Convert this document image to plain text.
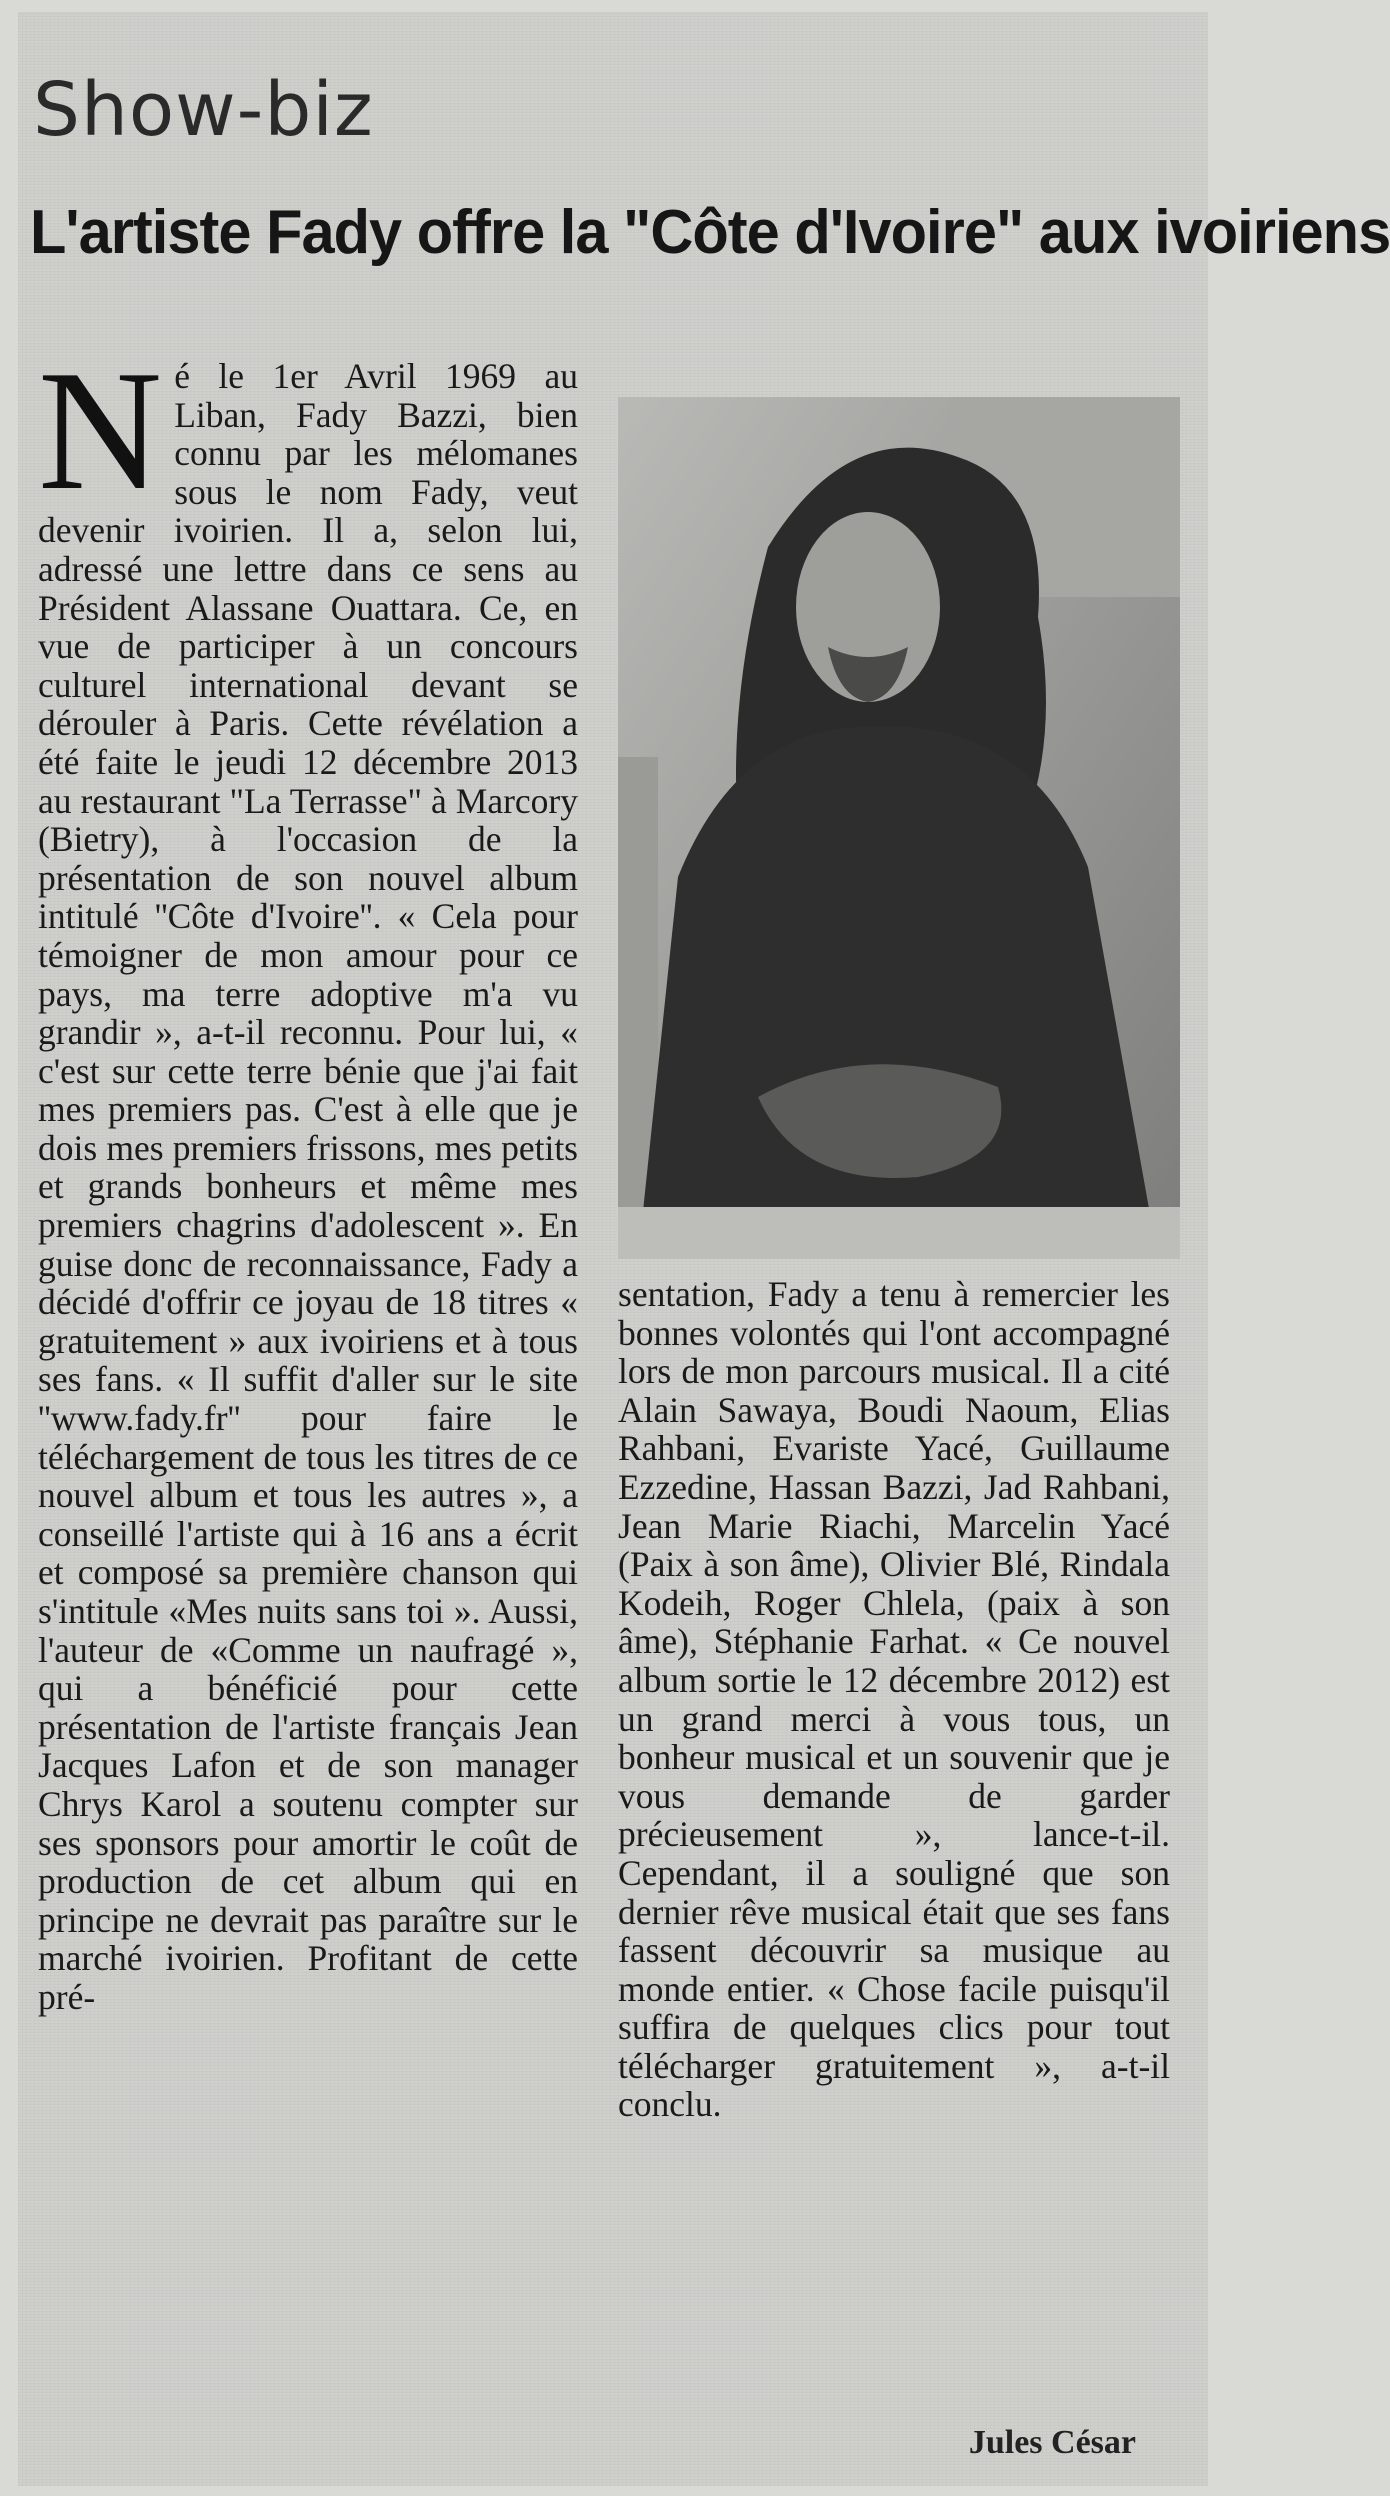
Show-biz
L'artiste Fady offre la "Côte d'Ivoire" aux ivoiriens
N é le 1er Avril 1969 au Liban, Fady Bazzi, bien connu par les mélomanes sous le nom Fady, veut devenir ivoirien. Il a, selon lui, adressé une lettre dans ce sens au Président Alassane Ouattara. Ce, en vue de participer à un concours culturel international devant se dérouler à Paris. Cette révélation a été faite le jeudi 12 décembre 2013 au restaurant "La Terrasse" à Marcory (Bietry), à l'occasion de la présentation de son nouvel album intitulé ''Côte d'Ivoire''. « Cela pour témoigner de mon amour pour ce pays, ma terre adoptive m'a vu grandir », a-t-il reconnu. Pour lui, « c'est sur cette terre bénie que j'ai fait mes premiers pas. C'est à elle que je dois mes premiers frissons, mes petits et grands bonheurs et même mes premiers chagrins d'adolescent ». En guise donc de reconnaissance, Fady a décidé d'offrir ce joyau de 18 titres « gratuitement » aux ivoiriens et à tous ses fans. « Il suffit d'aller sur le site ''www.fady.fr'' pour faire le téléchargement de tous les titres de ce nouvel album et tous les autres », a conseillé l'artiste qui à 16 ans a écrit et composé sa première chanson qui s'intitule «Mes nuits sans toi ». Aussi, l'auteur de «Comme un naufragé », qui a bénéficié pour cette présentation de l'artiste français Jean Jacques Lafon et de son manager Chrys Karol a soutenu compter sur ses sponsors pour amortir le coût de production de cet album qui en principe ne devrait pas paraître sur le marché ivoirien. Profitant de cette pré-
sentation, Fady a tenu à remercier les bonnes volontés qui l'ont accompagné lors de mon parcours musical. Il a cité Alain Sawaya, Boudi Naoum, Elias Rahbani, Evariste Yacé, Guillaume Ezzedine, Hassan Bazzi, Jad Rahbani, Jean Marie Riachi, Marcelin Yacé (Paix à son âme), Olivier Blé, Rindala Kodeih, Roger Chlela, (paix à son âme), Stéphanie Farhat. « Ce nouvel album sortie le 12 décembre 2012) est un grand merci à vous tous, un bonheur musical et un souvenir que je vous demande de garder précieusement », lance-t-il. Cependant, il a souligné que son dernier rêve musical était que ses fans fassent découvrir sa musique au monde entier. « Chose facile puisqu'il suffira de quelques clics pour tout télécharger gratuitement », a-t-il conclu.
Jules César
